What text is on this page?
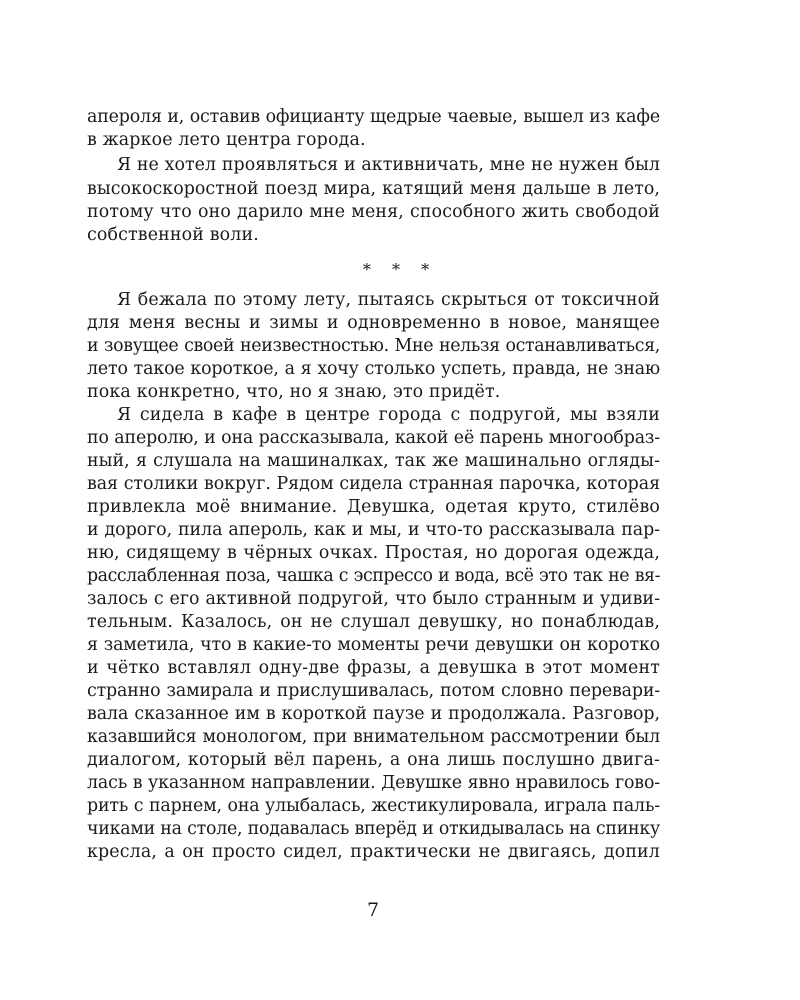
апероля и, оставив официанту щедрые чаевые, вышел из кафе
в жаркое лето центра города.
Я не хотел проявляться и активничать, мне не нужен был
высокоскоростной поезд мира, катящий меня дальше в лето,
потому что оно дарило мне меня, способного жить свободой
собственной воли.
* * *
Я бежала по этому лету, пытаясь скрыться от токсичной
для меня весны и зимы и одновременно в новое, манящее
и зовущее своей неизвестностью. Мне нельзя останавливаться,
лето такое короткое, а я хочу столько успеть, правда, не знаю
пока конкретно, что, но я знаю, это придёт.
Я сидела в кафе в центре города с подругой, мы взяли
по аперолю, и она рассказывала, какой её парень многообраз-
ный, я слушала на машиналках, так же машинально огляды-
вая столики вокруг. Рядом сидела странная парочка, которая
привлекла моё внимание. Девушка, одетая круто, стилёво
и дорого, пила апероль, как и мы, и что-то рассказывала пар-
ню, сидящему в чёрных очках. Простая, но дорогая одежда,
расслабленная поза, чашка с эспрессо и вода, всё это так не вя-
залось с его активной подругой, что было странным и удиви-
тельным. Казалось, он не слушал девушку, но понаблюдав,
я заметила, что в какие-то моменты речи девушки он коротко
и чётко вставлял одну-две фразы, а девушка в этот момент
странно замирала и прислушивалась, потом словно перевари-
вала сказанное им в короткой паузе и продолжала. Разговор,
казавшийся монологом, при внимательном рассмотрении был
диалогом, который вёл парень, а она лишь послушно двига-
лась в указанном направлении. Девушке явно нравилось гово-
рить с парнем, она улыбалась, жестикулировала, играла паль-
чиками на столе, подавалась вперёд и откидывалась на спинку
кресла, а он просто сидел, практически не двигаясь, допил
7
